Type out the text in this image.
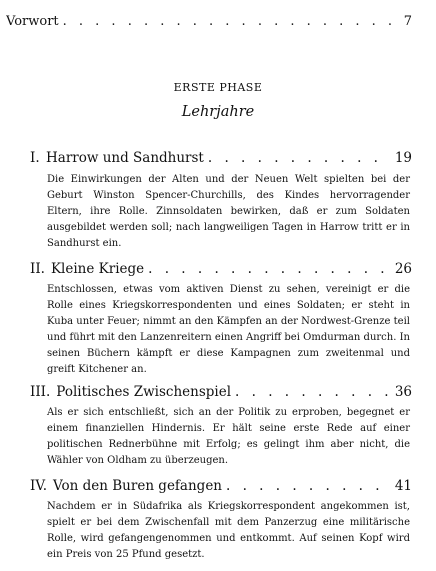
Vorwort . . .	7
ERSTE PHASE
Lehrjahre
I. Harrow und Sandhurst . . .	19

Die Einwirkungen der Alten und der Neuen Welt spielten bei der Geburt Winston Spencer-Churchills, des Kindes hervorragender Eltern, ihre Rolle. Zinnsoldaten bewirken, daß er zum Soldaten ausgebildet werden soll; nach langweiligen Tagen in Harrow tritt er in Sandhurst ein.

II. Kleine Kriege . . .	26

Entschlossen, etwas vom aktiven Dienst zu sehen, vereinigt er die Rolle eines Kriegskorrespondenten und eines Soldaten; er steht in Kuba unter Feuer; nimmt an den Kämpfen an der Nordwest-Grenze teil und führt mit den Lanzenreitern einen Angriff bei Omdurman durch. In seinen Büchern kämpft er diese Kampagnen zum zweitenmal und greift Kitchener an.

III. Politisches Zwischenspiel . . .	36

Als er sich entschließt, sich an der Politik zu erproben, begegnet er einem finanziellen Hindernis. Er hält seine erste Rede auf einer politischen Rednerbühne mit Erfolg; es gelingt ihm aber nicht, die Wähler von Oldham zu überzeugen.

IV. Von den Buren gefangen . . .	41

Nachdem er in Südafrika als Kriegskorrespondent angekommen ist, spielt er bei dem Zwischenfall mit dem Panzerzug eine militärische Rolle, wird gefangengenommen und entkommt. Auf seinen Kopf wird ein Preis von 25 Pfund gesetzt.
